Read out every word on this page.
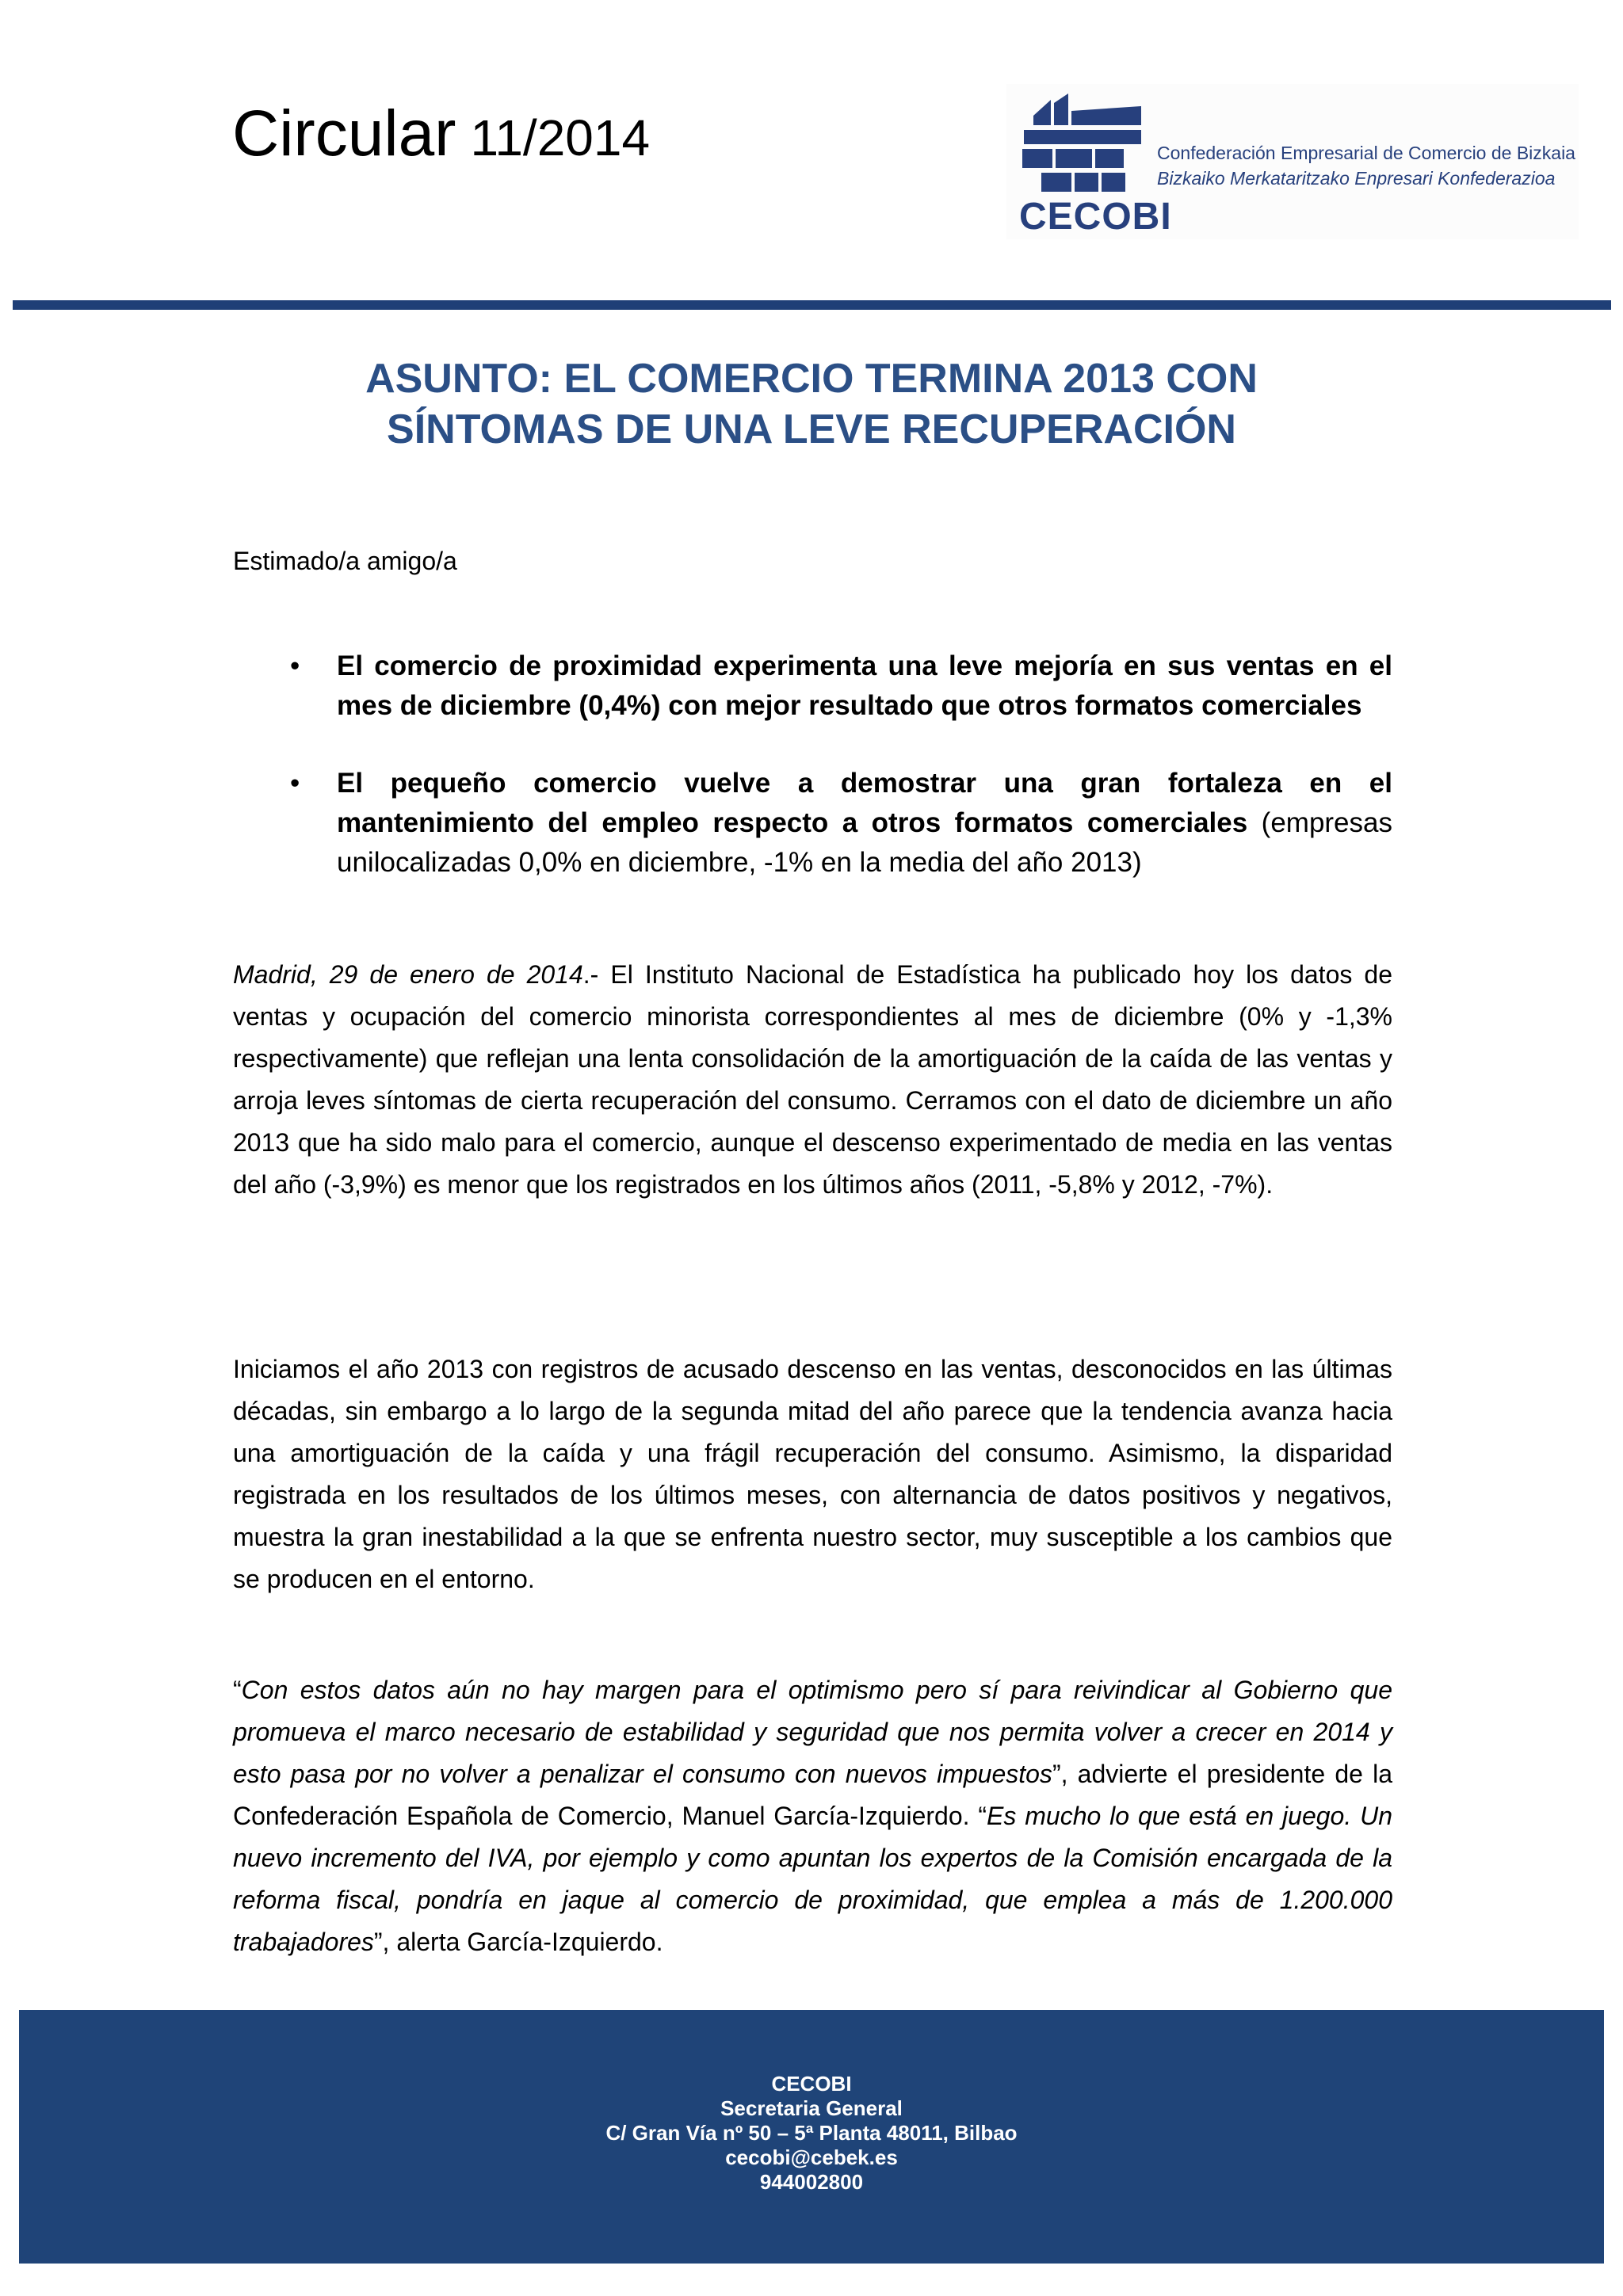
Circular 11/2014
CECOBI
Confederación Empresarial de Comercio de Bizkaia
Bizkaiko Merkataritzako Enpresari Konfederazioa
ASUNTO: EL COMERCIO TERMINA 2013 CON
SÍNTOMAS DE UNA LEVE RECUPERACIÓN

Estimado/a amigo/a

• El comercio de proximidad experimenta una leve mejoría en sus ventas en el mes de diciembre (0,4%) con mejor resultado que otros formatos comerciales
• El pequeño comercio vuelve a demostrar una gran fortaleza en el mantenimiento del empleo respecto a otros formatos comerciales (empresas unilocalizadas 0,0% en diciembre, -1% en la media del año 2013)

Madrid, 29 de enero de 2014.- El Instituto Nacional de Estadística ha publicado hoy los datos de ventas y ocupación del comercio minorista correspondientes al mes de diciembre (0% y -1,3% respectivamente) que reflejan una lenta consolidación de la amortiguación de la caída de las ventas y arroja leves síntomas de cierta recuperación del consumo. Cerramos con el dato de diciembre un año 2013 que ha sido malo para el comercio, aunque el descenso experimentado de media en las ventas del año (-3,9%) es menor que los registrados en los últimos años (2011, -5,8% y 2012, -7%).

Iniciamos el año 2013 con registros de acusado descenso en las ventas, desconocidos en las últimas décadas, sin embargo a lo largo de la segunda mitad del año parece que la tendencia avanza hacia una amortiguación de la caída y una frágil recuperación del consumo. Asimismo, la disparidad registrada en los resultados de los últimos meses, con alternancia de datos positivos y negativos, muestra la gran inestabilidad a la que se enfrenta nuestro sector, muy susceptible a los cambios que se producen en el entorno.

“Con estos datos aún no hay margen para el optimismo pero sí para reivindicar al Gobierno que promueva el marco necesario de estabilidad y seguridad que nos permita volver a crecer en 2014 y esto pasa por no volver a penalizar el consumo con nuevos impuestos”, advierte el presidente de la Confederación Española de Comercio, Manuel García-Izquierdo. “Es mucho lo que está en juego. Un nuevo incremento del IVA, por ejemplo y como apuntan los expertos de la Comisión encargada de la reforma fiscal, pondría en jaque al comercio de proximidad, que emplea a más de 1.200.000 trabajadores”, alerta García-Izquierdo.

CECOBI
Secretaria General
C/ Gran Vía nº 50 – 5ª Planta 48011, Bilbao
cecobi@cebek.es
944002800
